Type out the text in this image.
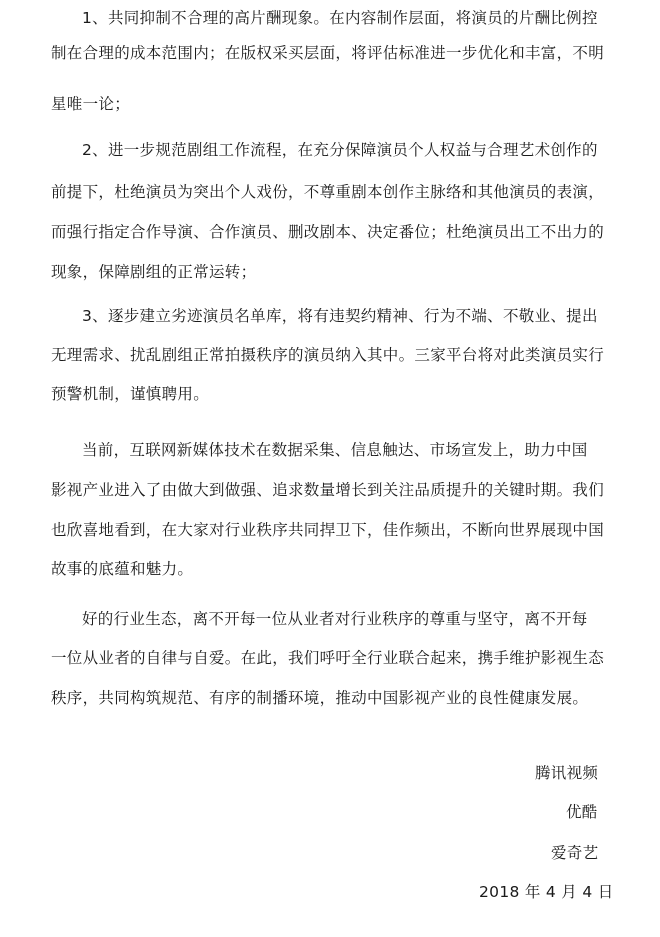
1、共同抑制不合理的高片酬现象。在内容制作层面，将演员的片酬比例控
制在合理的成本范围内；在版权采买层面，将评估标准进一步优化和丰富，不明
星唯一论；
2、进一步规范剧组工作流程，在充分保障演员个人权益与合理艺术创作的
前提下，杜绝演员为突出个人戏份，不尊重剧本创作主脉络和其他演员的表演，
而强行指定合作导演、合作演员、删改剧本、决定番位；杜绝演员出工不出力的
现象，保障剧组的正常运转；
3、逐步建立劣迹演员名单库，将有违契约精神、行为不端、不敬业、提出
无理需求、扰乱剧组正常拍摄秩序的演员纳入其中。三家平台将对此类演员实行
预警机制，谨慎聘用。
当前，互联网新媒体技术在数据采集、信息触达、市场宣发上，助力中国
影视产业进入了由做大到做强、追求数量增长到关注品质提升的关键时期。我们
也欣喜地看到，在大家对行业秩序共同捍卫下，佳作频出，不断向世界展现中国
故事的底蕴和魅力。
好的行业生态，离不开每一位从业者对行业秩序的尊重与坚守，离不开每
一位从业者的自律与自爱。在此，我们呼吁全行业联合起来，携手维护影视生态
秩序，共同构筑规范、有序的制播环境，推动中国影视产业的良性健康发展。
腾讯视频
优酷
爱奇艺
2018 年 4 月 4 日
